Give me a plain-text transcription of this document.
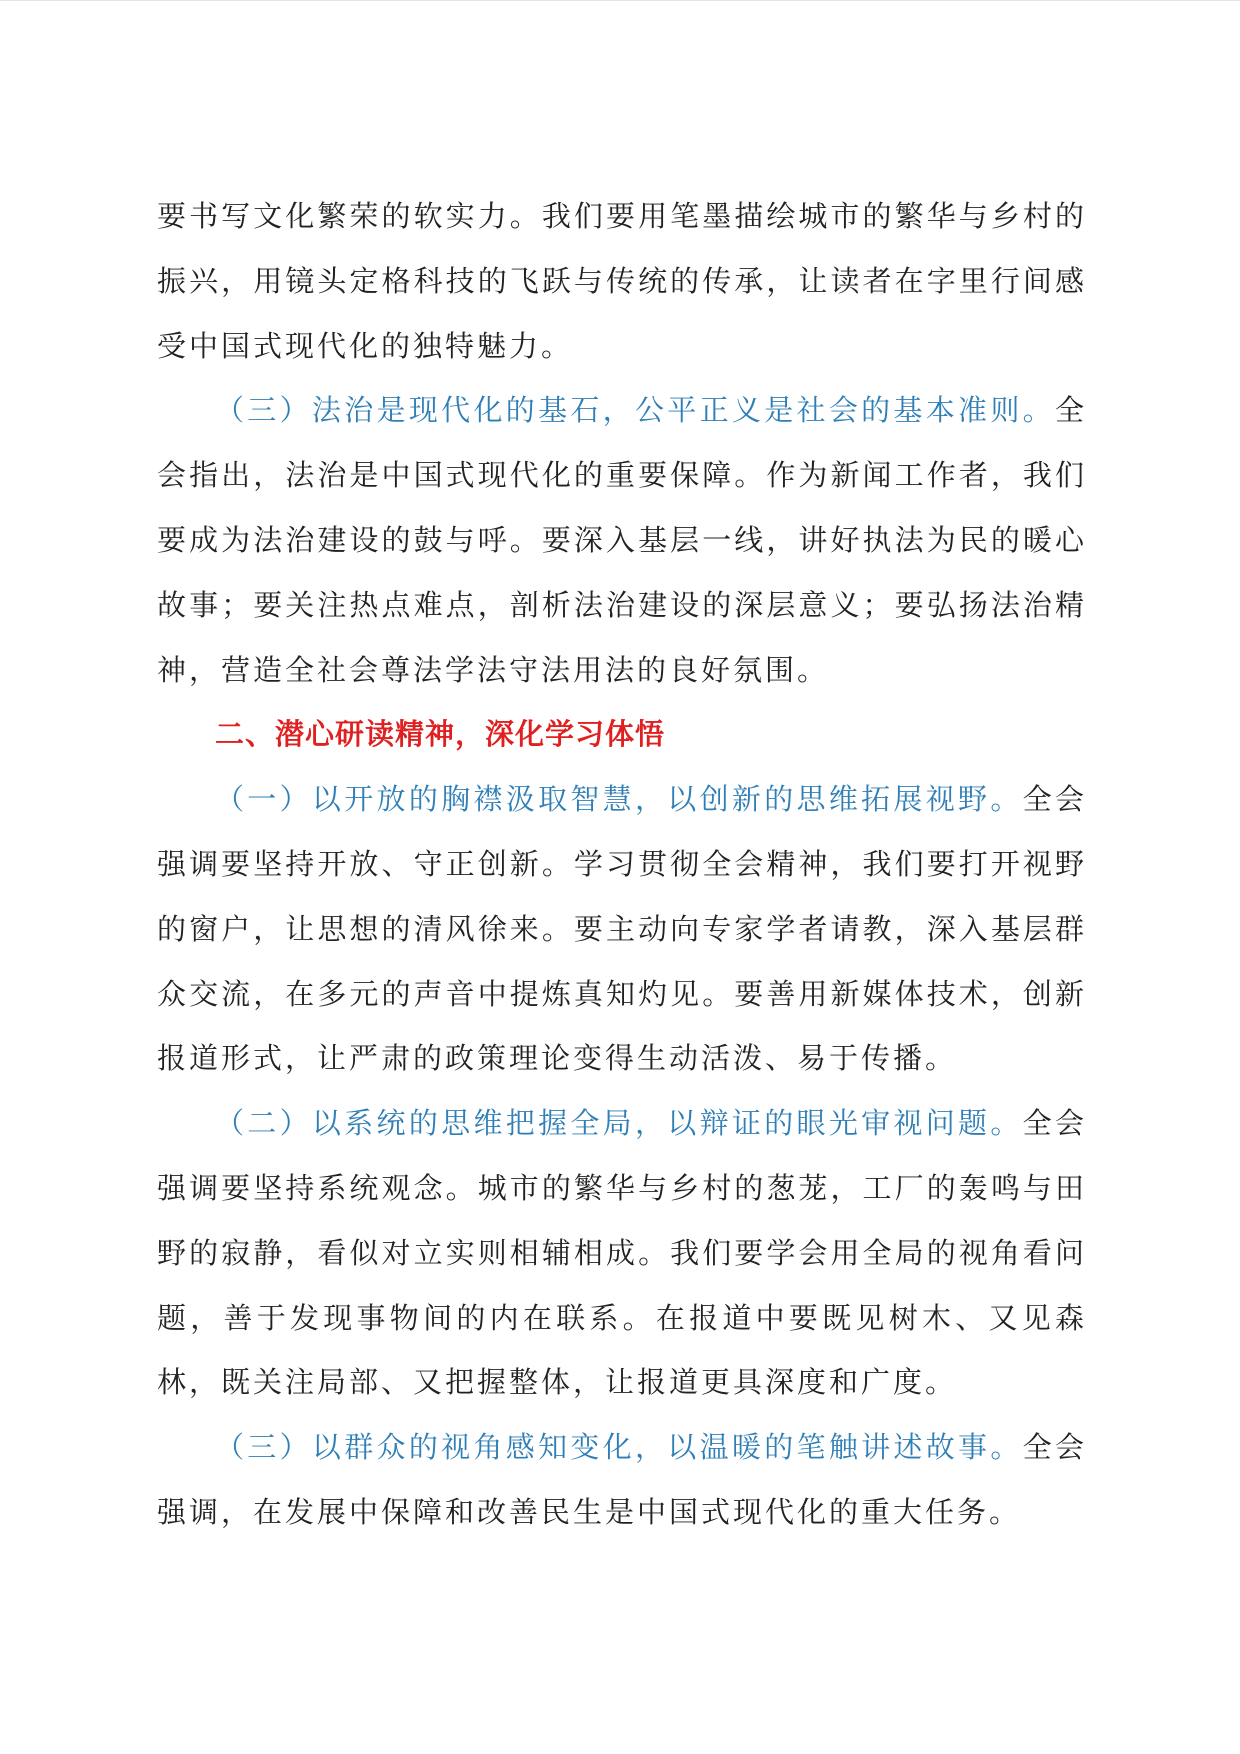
要书写文化繁荣的软实力。我们要用笔墨描绘城市的繁华与乡村的振兴，用镜头定格科技的飞跃与传统的传承，让读者在字里行间感受中国式现代化的独特魅力。

（三）法治是现代化的基石，公平正义是社会的基本准则。全会指出，法治是中国式现代化的重要保障。作为新闻工作者，我们要成为法治建设的鼓与呼。要深入基层一线，讲好执法为民的暖心故事；要关注热点难点，剖析法治建设的深层意义；要弘扬法治精神，营造全社会尊法学法守法用法的良好氛围。

二、潜心研读精神，深化学习体悟

（一）以开放的胸襟汲取智慧，以创新的思维拓展视野。全会强调要坚持开放、守正创新。学习贯彻全会精神，我们要打开视野的窗户，让思想的清风徐来。要主动向专家学者请教，深入基层群众交流，在多元的声音中提炼真知灼见。要善用新媒体技术，创新报道形式，让严肃的政策理论变得生动活泼、易于传播。

（二）以系统的思维把握全局，以辩证的眼光审视问题。全会强调要坚持系统观念。城市的繁华与乡村的葱茏，工厂的轰鸣与田野的寂静，看似对立实则相辅相成。我们要学会用全局的视角看问题，善于发现事物间的内在联系。在报道中要既见树木、又见森林，既关注局部、又把握整体，让报道更具深度和广度。

（三）以群众的视角感知变化，以温暖的笔触讲述故事。全会强调，在发展中保障和改善民生是中国式现代化的重大任务。
